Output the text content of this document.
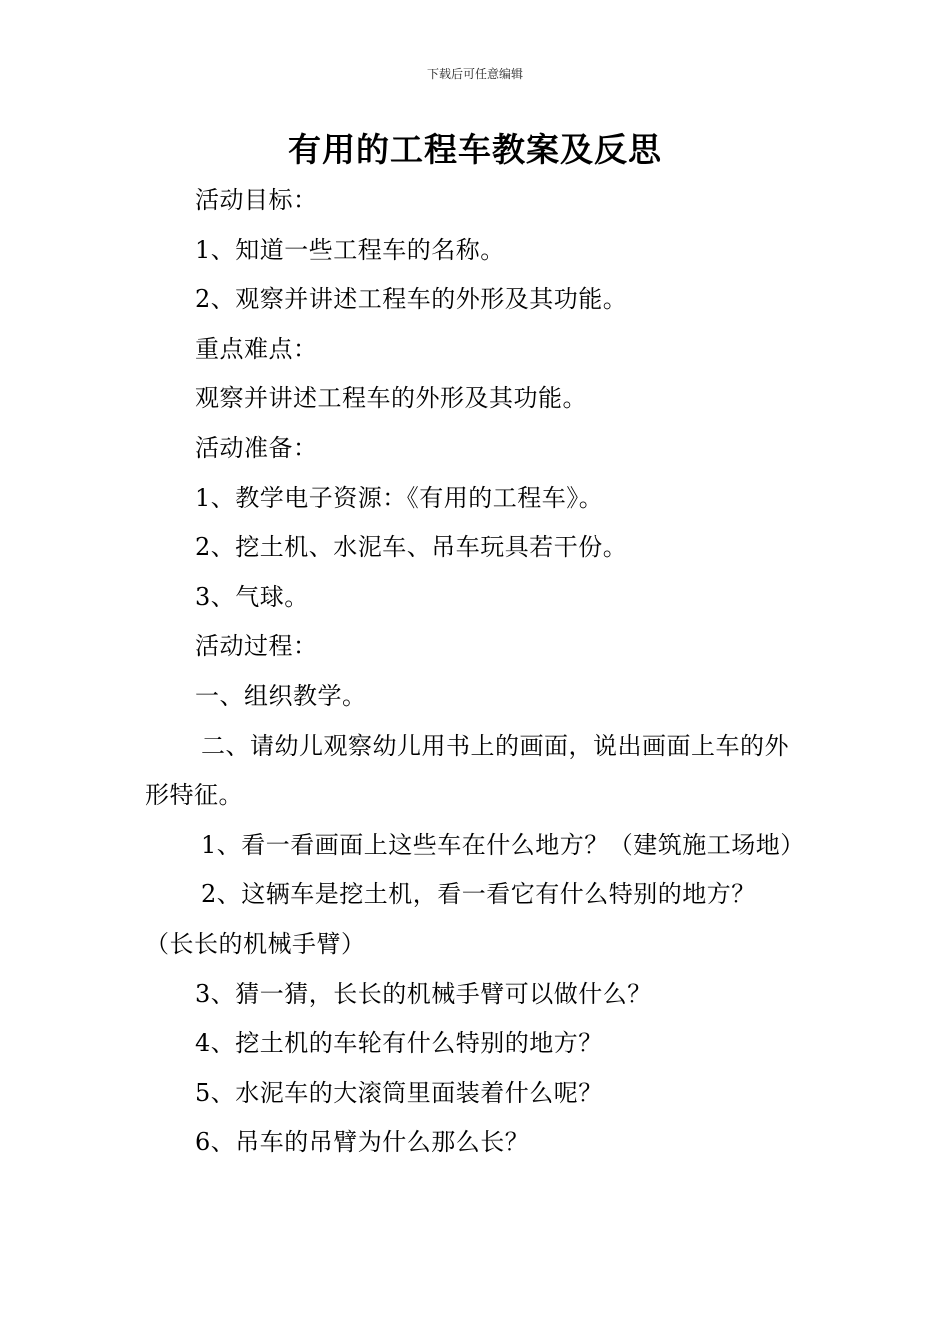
下载后可任意编辑
有用的工程车教案及反思

活动目标：

1、知道一些工程车的名称。

2、观察并讲述工程车的外形及其功能。

重点难点：

观察并讲述工程车的外形及其功能。

活动准备：

1、教学电子资源：《有用的工程车》。

2、挖土机、水泥车、吊车玩具若干份。

3、气球。

活动过程：

一、组织教学。

二、请幼儿观察幼儿用书上的画面，说出画面上车的外形特征。

1、看一看画面上这些车在什么地方？（建筑施工场地）

2、这辆车是挖土机，看一看它有什么特别的地方？

（长长的机械手臂）

3、猜一猜，长长的机械手臂可以做什么？

4、挖土机的车轮有什么特别的地方？

5、水泥车的大滚筒里面装着什么呢？

6、吊车的吊臂为什么那么长？
